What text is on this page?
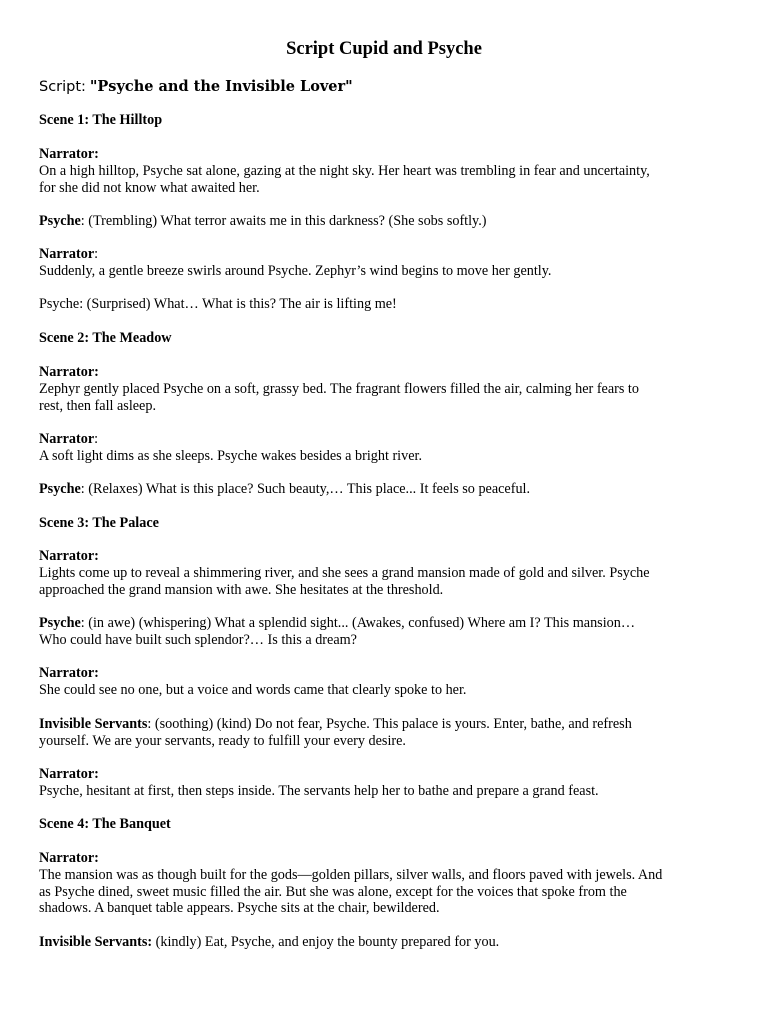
Script Cupid and Psyche
Script: "Psyche and the Invisible Lover"
Scene 1: The Hilltop
Narrator:
On a high hilltop, Psyche sat alone, gazing at the night sky. Her heart was trembling in fear and uncertainty,
for she did not know what awaited her.
Psyche: (Trembling) What terror awaits me in this darkness? (She sobs softly.)
Narrator:
Suddenly, a gentle breeze swirls around Psyche. Zephyr’s wind begins to move her gently.
Psyche: (Surprised) What… What is this? The air is lifting me!
Scene 2: The Meadow
Narrator:
Zephyr gently placed Psyche on a soft, grassy bed. The fragrant flowers filled the air, calming her fears to
rest, then fall asleep.
Narrator:
A soft light dims as she sleeps. Psyche wakes besides a bright river.
Psyche: (Relaxes) What is this place? Such beauty,… This place... It feels so peaceful.
Scene 3: The Palace
Narrator:
Lights come up to reveal a shimmering river, and she sees a grand mansion made of gold and silver. Psyche
approached the grand mansion with awe. She hesitates at the threshold.
Psyche: (in awe) (whispering) What a splendid sight... (Awakes, confused) Where am I? This mansion…
Who could have built such splendor?… Is this a dream?
Narrator:
She could see no one, but a voice and words came that clearly spoke to her.
Invisible Servants: (soothing) (kind) Do not fear, Psyche. This palace is yours. Enter, bathe, and refresh
yourself. We are your servants, ready to fulfill your every desire.
Narrator:
Psyche, hesitant at first, then steps inside. The servants help her to bathe and prepare a grand feast.
Scene 4: The Banquet
Narrator:
The mansion was as though built for the gods—golden pillars, silver walls, and floors paved with jewels. And
as Psyche dined, sweet music filled the air. But she was alone, except for the voices that spoke from the
shadows. A banquet table appears. Psyche sits at the chair, bewildered.
Invisible Servants: (kindly) Eat, Psyche, and enjoy the bounty prepared for you.
